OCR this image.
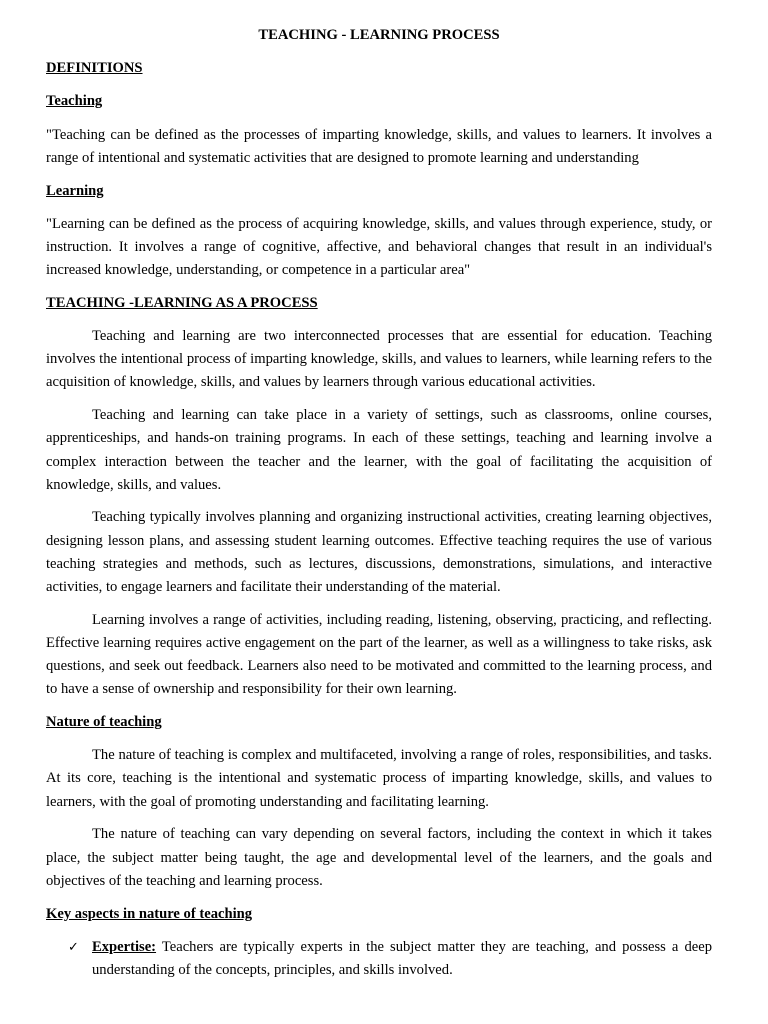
TEACHING - LEARNING PROCESS
DEFINITIONS
Teaching

"Teaching can be defined as the processes of imparting knowledge, skills, and values to learners. It involves a range of intentional and systematic activities that are designed to promote learning and understanding

Learning

"Learning can be defined as the process of acquiring knowledge, skills, and values through experience, study, or instruction. It involves a range of cognitive, affective, and behavioral changes that result in an individual's increased knowledge, understanding, or competence in a particular area"

TEACHING -LEARNING AS A PROCESS

Teaching and learning are two interconnected processes that are essential for education. Teaching involves the intentional process of imparting knowledge, skills, and values to learners, while learning refers to the acquisition of knowledge, skills, and values by learners through various educational activities.

Teaching and learning can take place in a variety of settings, such as classrooms, online courses, apprenticeships, and hands-on training programs. In each of these settings, teaching and learning involve a complex interaction between the teacher and the learner, with the goal of facilitating the acquisition of knowledge, skills, and values.

Teaching typically involves planning and organizing instructional activities, creating learning objectives, designing lesson plans, and assessing student learning outcomes. Effective teaching requires the use of various teaching strategies and methods, such as lectures, discussions, demonstrations, simulations, and interactive activities, to engage learners and facilitate their understanding of the material.

Learning involves a range of activities, including reading, listening, observing, practicing, and reflecting. Effective learning requires active engagement on the part of the learner, as well as a willingness to take risks, ask questions, and seek out feedback. Learners also need to be motivated and committed to the learning process, and to have a sense of ownership and responsibility for their own learning.

Nature of teaching

The nature of teaching is complex and multifaceted, involving a range of roles, responsibilities, and tasks. At its core, teaching is the intentional and systematic process of imparting knowledge, skills, and values to learners, with the goal of promoting understanding and facilitating learning.

The nature of teaching can vary depending on several factors, including the context in which it takes place, the subject matter being taught, the age and developmental level of the learners, and the goals and objectives of the teaching and learning process.

Key aspects in nature of teaching
✓ Expertise: Teachers are typically experts in the subject matter they are teaching, and possess a deep understanding of the concepts, principles, and skills involved.
